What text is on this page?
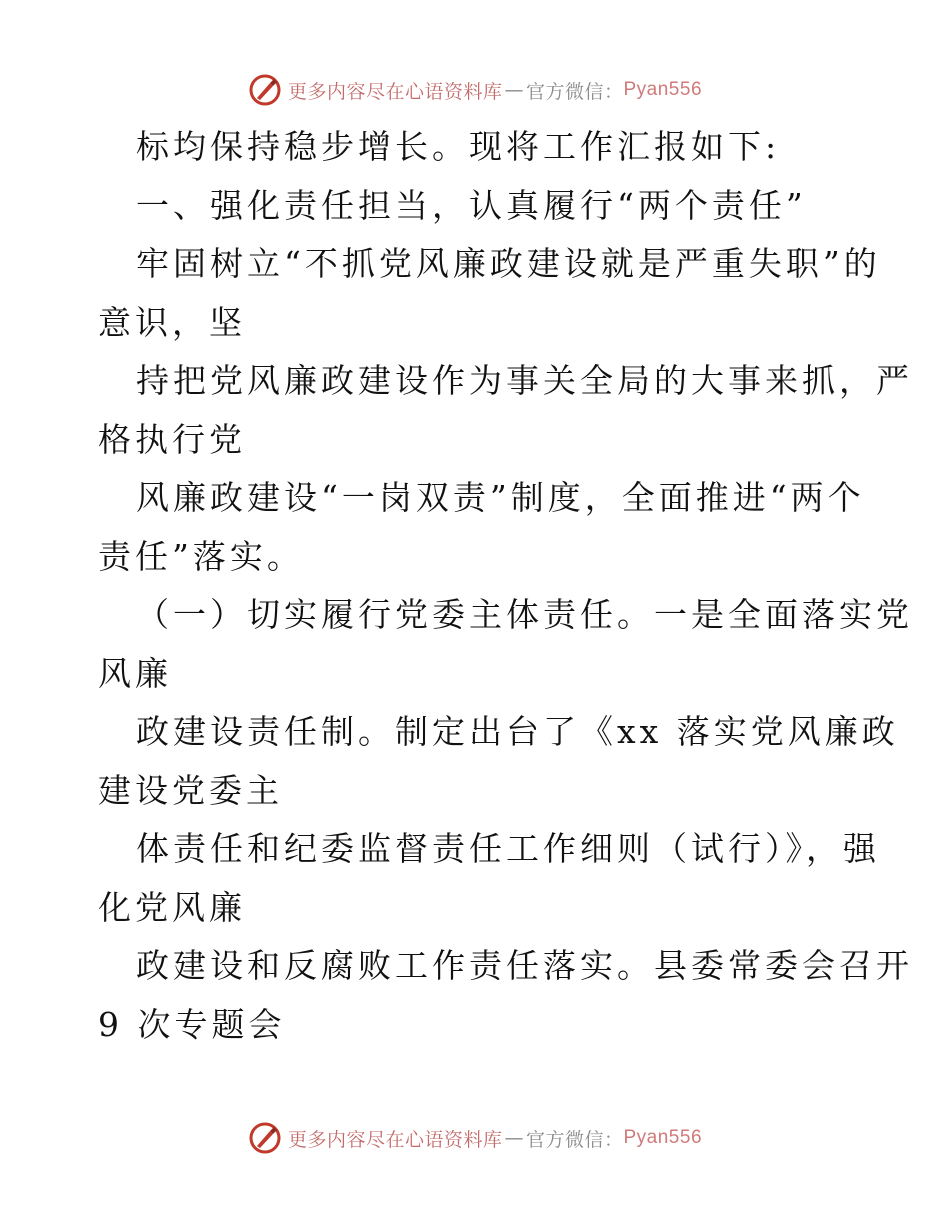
更多内容尽在心语资料库 — 官方微信： Pyan556
标均保持稳步增长。现将工作汇报如下:
一、强化责任担当，认真履行“两个责任”
牢固树立“不抓党风廉政建设就是严重失职”的
意识，坚
持把党风廉政建设作为事关全局的大事来抓，严
格执行党
风廉政建设“一岗双责”制度，全面推进“两个
责任”落实。
（一）切实履行党委主体责任。一是全面落实党
风廉
政建设责任制。制定出台了《xx 落实党风廉政
建设党委主
体责任和纪委监督责任工作细则（试行）》，强
化党风廉
政建设和反腐败工作责任落实。县委常委会召开
9 次专题会
更多内容尽在心语资料库 — 官方微信： Pyan556
